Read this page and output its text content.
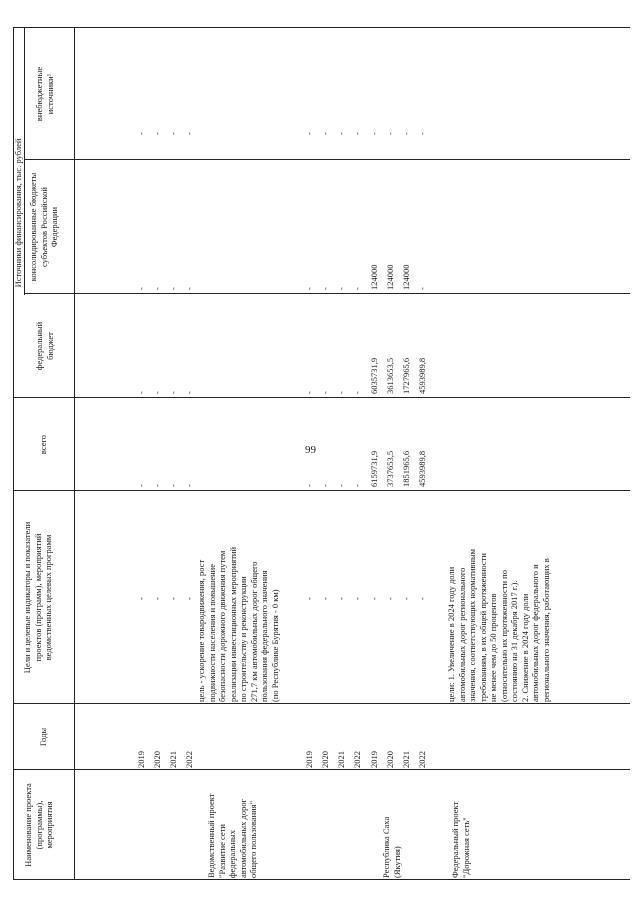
99
Наименование проекта
(программы),
мероприятия
Годы
Цели и целевые индикаторы и показатели
проектов (программ), мероприятий
ведомственных целевых программ
всего
Источники финансирования, тыс. рублей
федеральный
бюджет
консолидированные бюджеты
субъектов Российской
Федерации
внебюджетные
источники¹
Ведомственный проект
"Развитие сети
федеральных
автомобильных дорог
общего пользования"
Республика Саха
(Якутия)	Федеральный проект
"Дорожная сеть"
цель - ускорение товародвижения, рост
подвижности населения и повышение
безопасности дорожного движения путем
реализации инвестиционных мероприятий
по строительству и реконструкции
271,7 км автомобильных дорог общего
пользования федерального значения
(по Республике Бурятия - 0 км)
цели: 1. Увеличение в 2024 году доли
автомобильных дорог регионального
значения, соответствующих нормативным
требованиям, в их общей протяженности
не менее чем до 50 процентов
(относительно их протяженности по
состоянию на 31 декабря 2017 г.).
2. Снижение в 2024 году доли
автомобильных дорог федерального и
регионального значения, работающих в
2019
-
-
-
-
2020
-
-
-
-
2021
-
-
-
-
2022
-
-
-
-
2019
-
-
-
-
2020
-
-
-
-
2021
-
-
-
-
2022
-
-
-
-
2019
6159731,9
6035731,9
124000
-
2020
3737653,5
3613653,5
124000
-
2021
1851965,6
1727965,6
124000
-
2022
4593989,8
4593989,8
-
-
- - - -	- - - - - - - -
